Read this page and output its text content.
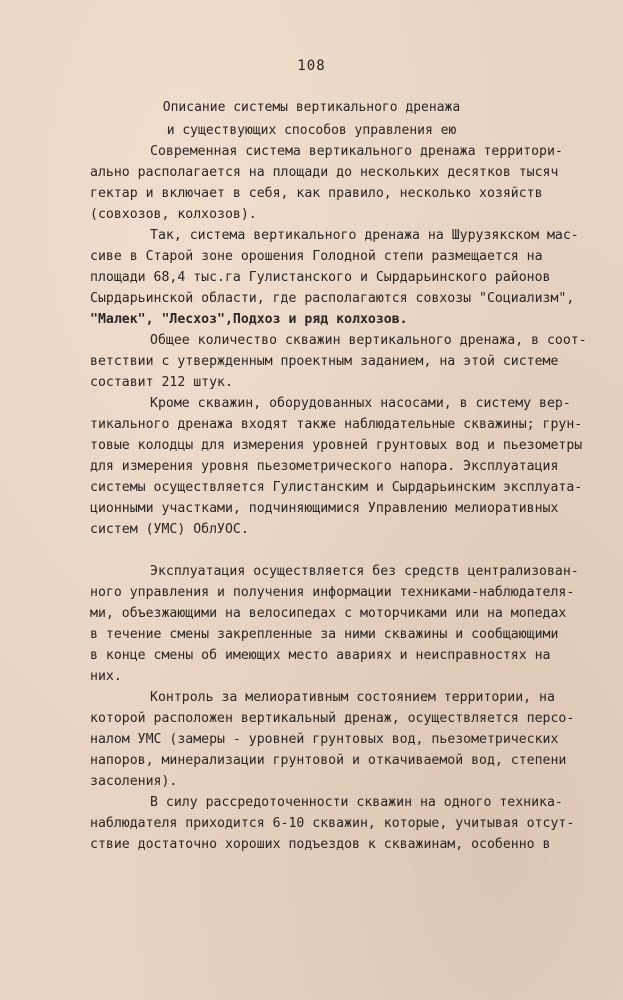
108
Описание системы вертикального дренажа
и существующих способов управления ею
Современная система вертикального дренажа территори-
ально располагается на площади до нескольких десятков тысяч
гектар и включает в себя, как правило, несколько хозяйств
(совхозов, колхозов).
Так, система вертикального дренажа на Шурузякском мас-
сиве в Старой зоне орошения Голодной степи размещается на
площади 68,4 тыс.га Гулистанского и Сырдарьинского районов
Сырдарьинской области, где располагаются совхозы "Социализм",
"Малек", "Лесхоз",Подхоз и ряд колхозов.
Общее количество скважин вертикального дренажа, в соот-
ветствии с утвержденным проектным заданием, на этой системе
составит 212 штук.
Кроме скважин, оборудованных насосами, в систему вер-
тикального дренажа входят также наблюдательные скважины; грун-
товые колодцы для измерения уровней грунтовых вод и пьезометры
для измерения уровня пьезометрического напора. Эксплуатация
системы осуществляется Гулистанским и Сырдарьинским эксплуата-
ционными участками, подчиняющимися Управлению мелиоративных
систем (УМС) ОблУОС.
Эксплуатация осуществляется без средств централизован-
ного управления и получения информации техниками-наблюдателя-
ми, объезжающими на велосипедах с моторчиками или на мопедах
в течение смены закрепленные за ними скважины и сообщающими
в конце смены об имеющих место авариях и неисправностях на
них.
Контроль за мелиоративным состоянием территории, на
которой расположен вертикальный дренаж, осуществляется персо-
налом УМС (замеры - уровней грунтовых вод, пьезометрических
напоров, минерализации грунтовой и откачиваемой вод, степени
засоления).
В силу рассредоточенности скважин на одного техника-
наблюдателя приходится 6-10 скважин, которые, учитывая отсут-
ствие достаточно хороших подъездов к скважинам, особенно в
